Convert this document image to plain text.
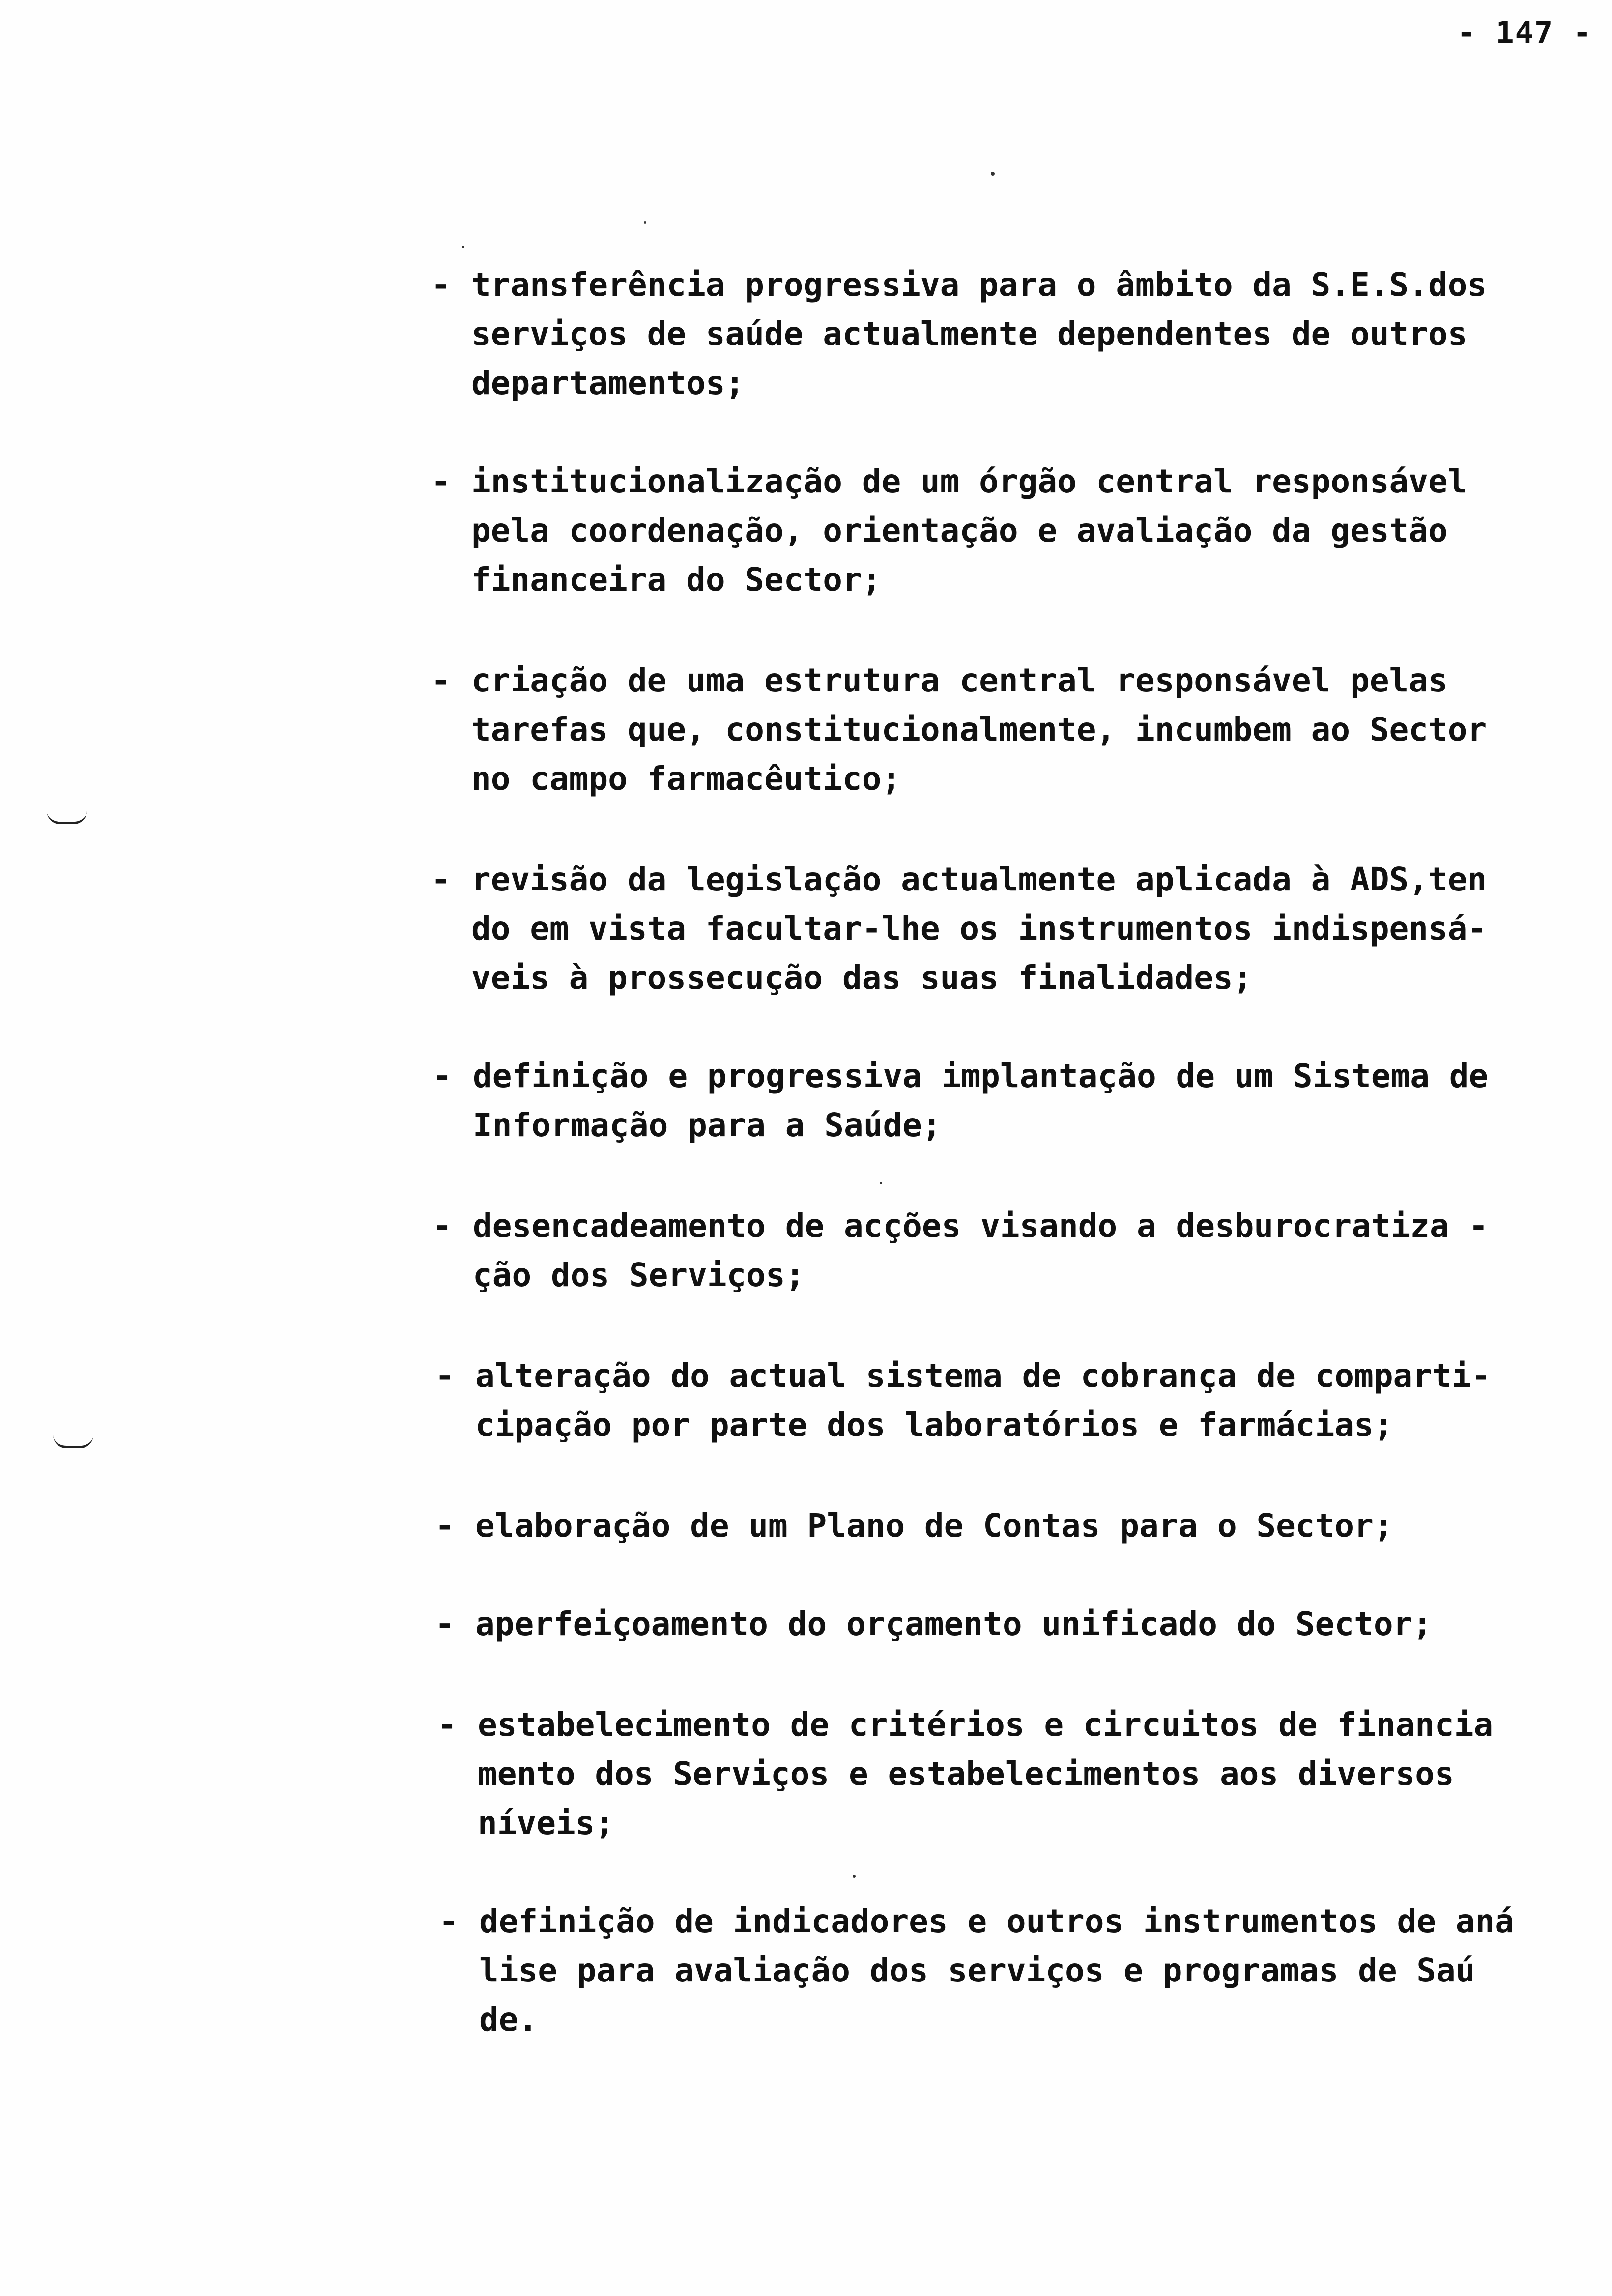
- 147 -
- transferência progressiva para o âmbito da S.E.S.dos
serviços de saúde actualmente dependentes de outros
departamentos;
- institucionalização de um órgão central responsável
pela coordenação, orientação e avaliação da gestão
financeira do Sector;
- criação de uma estrutura central responsável pelas
tarefas que, constitucionalmente, incumbem ao Sector
no campo farmacêutico;
- revisão da legislação actualmente aplicada à ADS,ten
do em vista facultar-lhe os instrumentos indispensá-
veis à prossecução das suas finalidades;
- definição e progressiva implantação de um Sistema de
Informação para a Saúde;
- desencadeamento de acções visando a desburocratiza -
ção dos Serviços;
- alteração do actual sistema de cobrança de comparti-
cipação por parte dos laboratórios e farmácias;
- elaboração de um Plano de Contas para o Sector;
- aperfeiçoamento do orçamento unificado do Sector;
- estabelecimento de critérios e circuitos de financia
mento dos Serviços e estabelecimentos aos diversos
níveis;
- definição de indicadores e outros instrumentos de aná
lise para avaliação dos serviços e programas de Saú
de.
